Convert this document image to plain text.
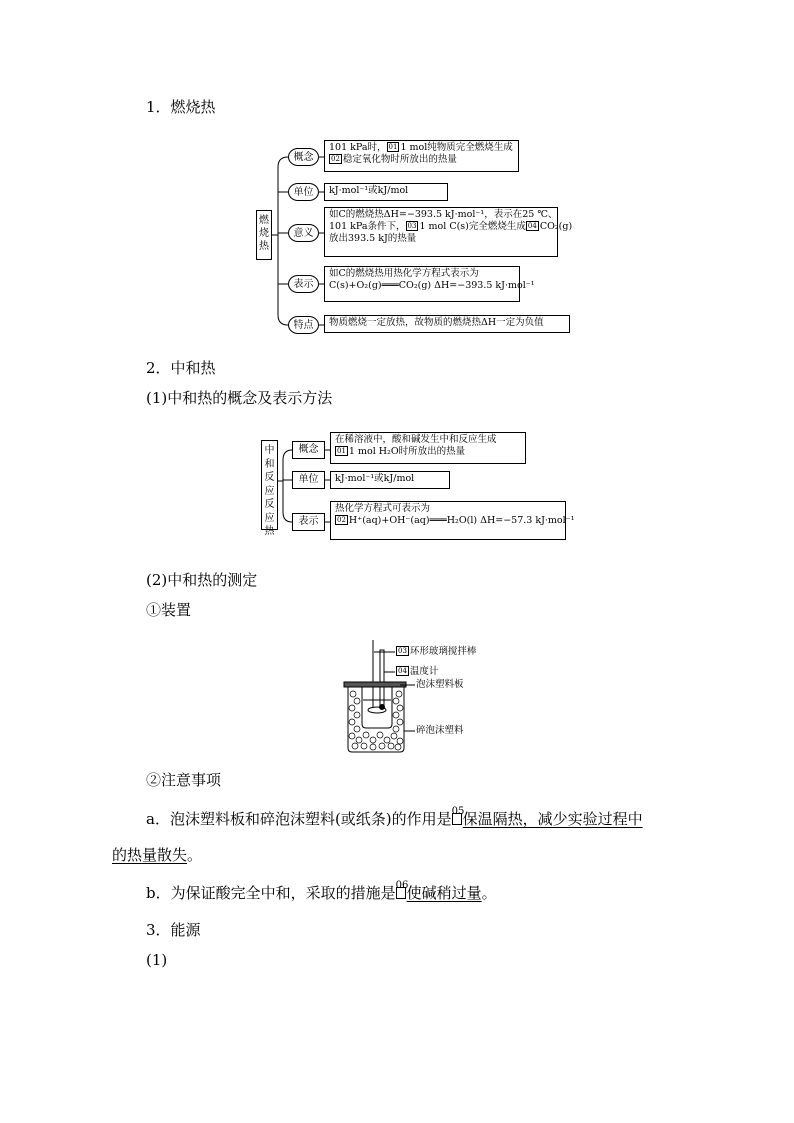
1．燃烧热
燃烧热
概念
101 kPa时， 01 1 mol纯物质完全燃烧生成
02 稳定氧化物时所放出的热量
单位	kJ·mol⁻¹或kJ/mol
意义
如C的燃烧热ΔH=−393.5 kJ·mol⁻¹，表示在25 ℃、
101 kPa条件下， 03 1 mol C(s)完全燃烧生成 04 CO₂(g)
放出393.5 kJ的热量
表示
如C的燃烧热用热化学方程式表示为
C(s)+O₂(g)═══CO₂(g) ΔH=−393.5 kJ·mol⁻¹
特点	物质燃烧一定放热，故物质的燃烧热ΔH一定为负值
2．中和热
(1)中和热的概念及表示方法
中和反应反应热
概念
在稀溶液中，酸和碱发生中和反应生成
01 1 mol H₂O时所放出的热量
单位	kJ·mol⁻¹或kJ/mol
表示
热化学方程式可表示为
02 H⁺(aq)+OH⁻(aq)═══H₂O(l) ΔH=−57.3 kJ·mol⁻¹
(2)中和热的测定
①装置
03 环形玻璃搅拌棒
04 温度计
泡沫塑料板
碎泡沫塑料
②注意事项
a．泡沫塑料板和碎泡沫塑料(或纸条)的作用是 05
保温隔热，减少实验过程中
的热量散失。
b．为保证酸完全中和，采取的措施是 06
使碱稍过量。
3．能源
(1)
